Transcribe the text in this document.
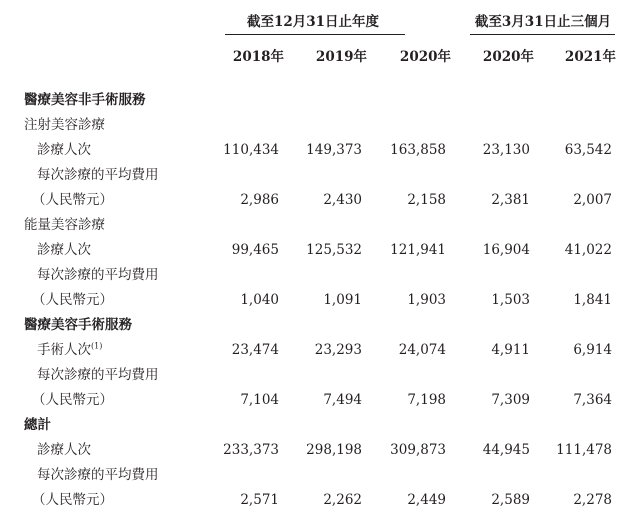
截至12月31日止年度	截至3月31日止三個月
2018年 2019年 2020年 2020年 2021年
醫療美容非手術服務
注射美容診療
診療人次	110,434	149,373	163,858	23,130	63,542
每次診療的平均費用
（人民幣元）	2,986	2,430	2,158	2,381	2,007
能量美容診療
診療人次	99,465	125,532	121,941	16,904	41,022
每次診療的平均費用
（人民幣元）	1,040	1,091	1,903	1,503	1,841
醫療美容手術服務
手術人次$^{(1)}$	23,474	23,293	24,074	4,911	6,914
每次診療的平均費用
（人民幣元）	7,104	7,494	7,198	7,309	7,364
總計
診療人次	233,373	298,198	309,873	44,945	111,478
每次診療的平均費用
（人民幣元）	2,571	2,262	2,449	2,589	2,278
